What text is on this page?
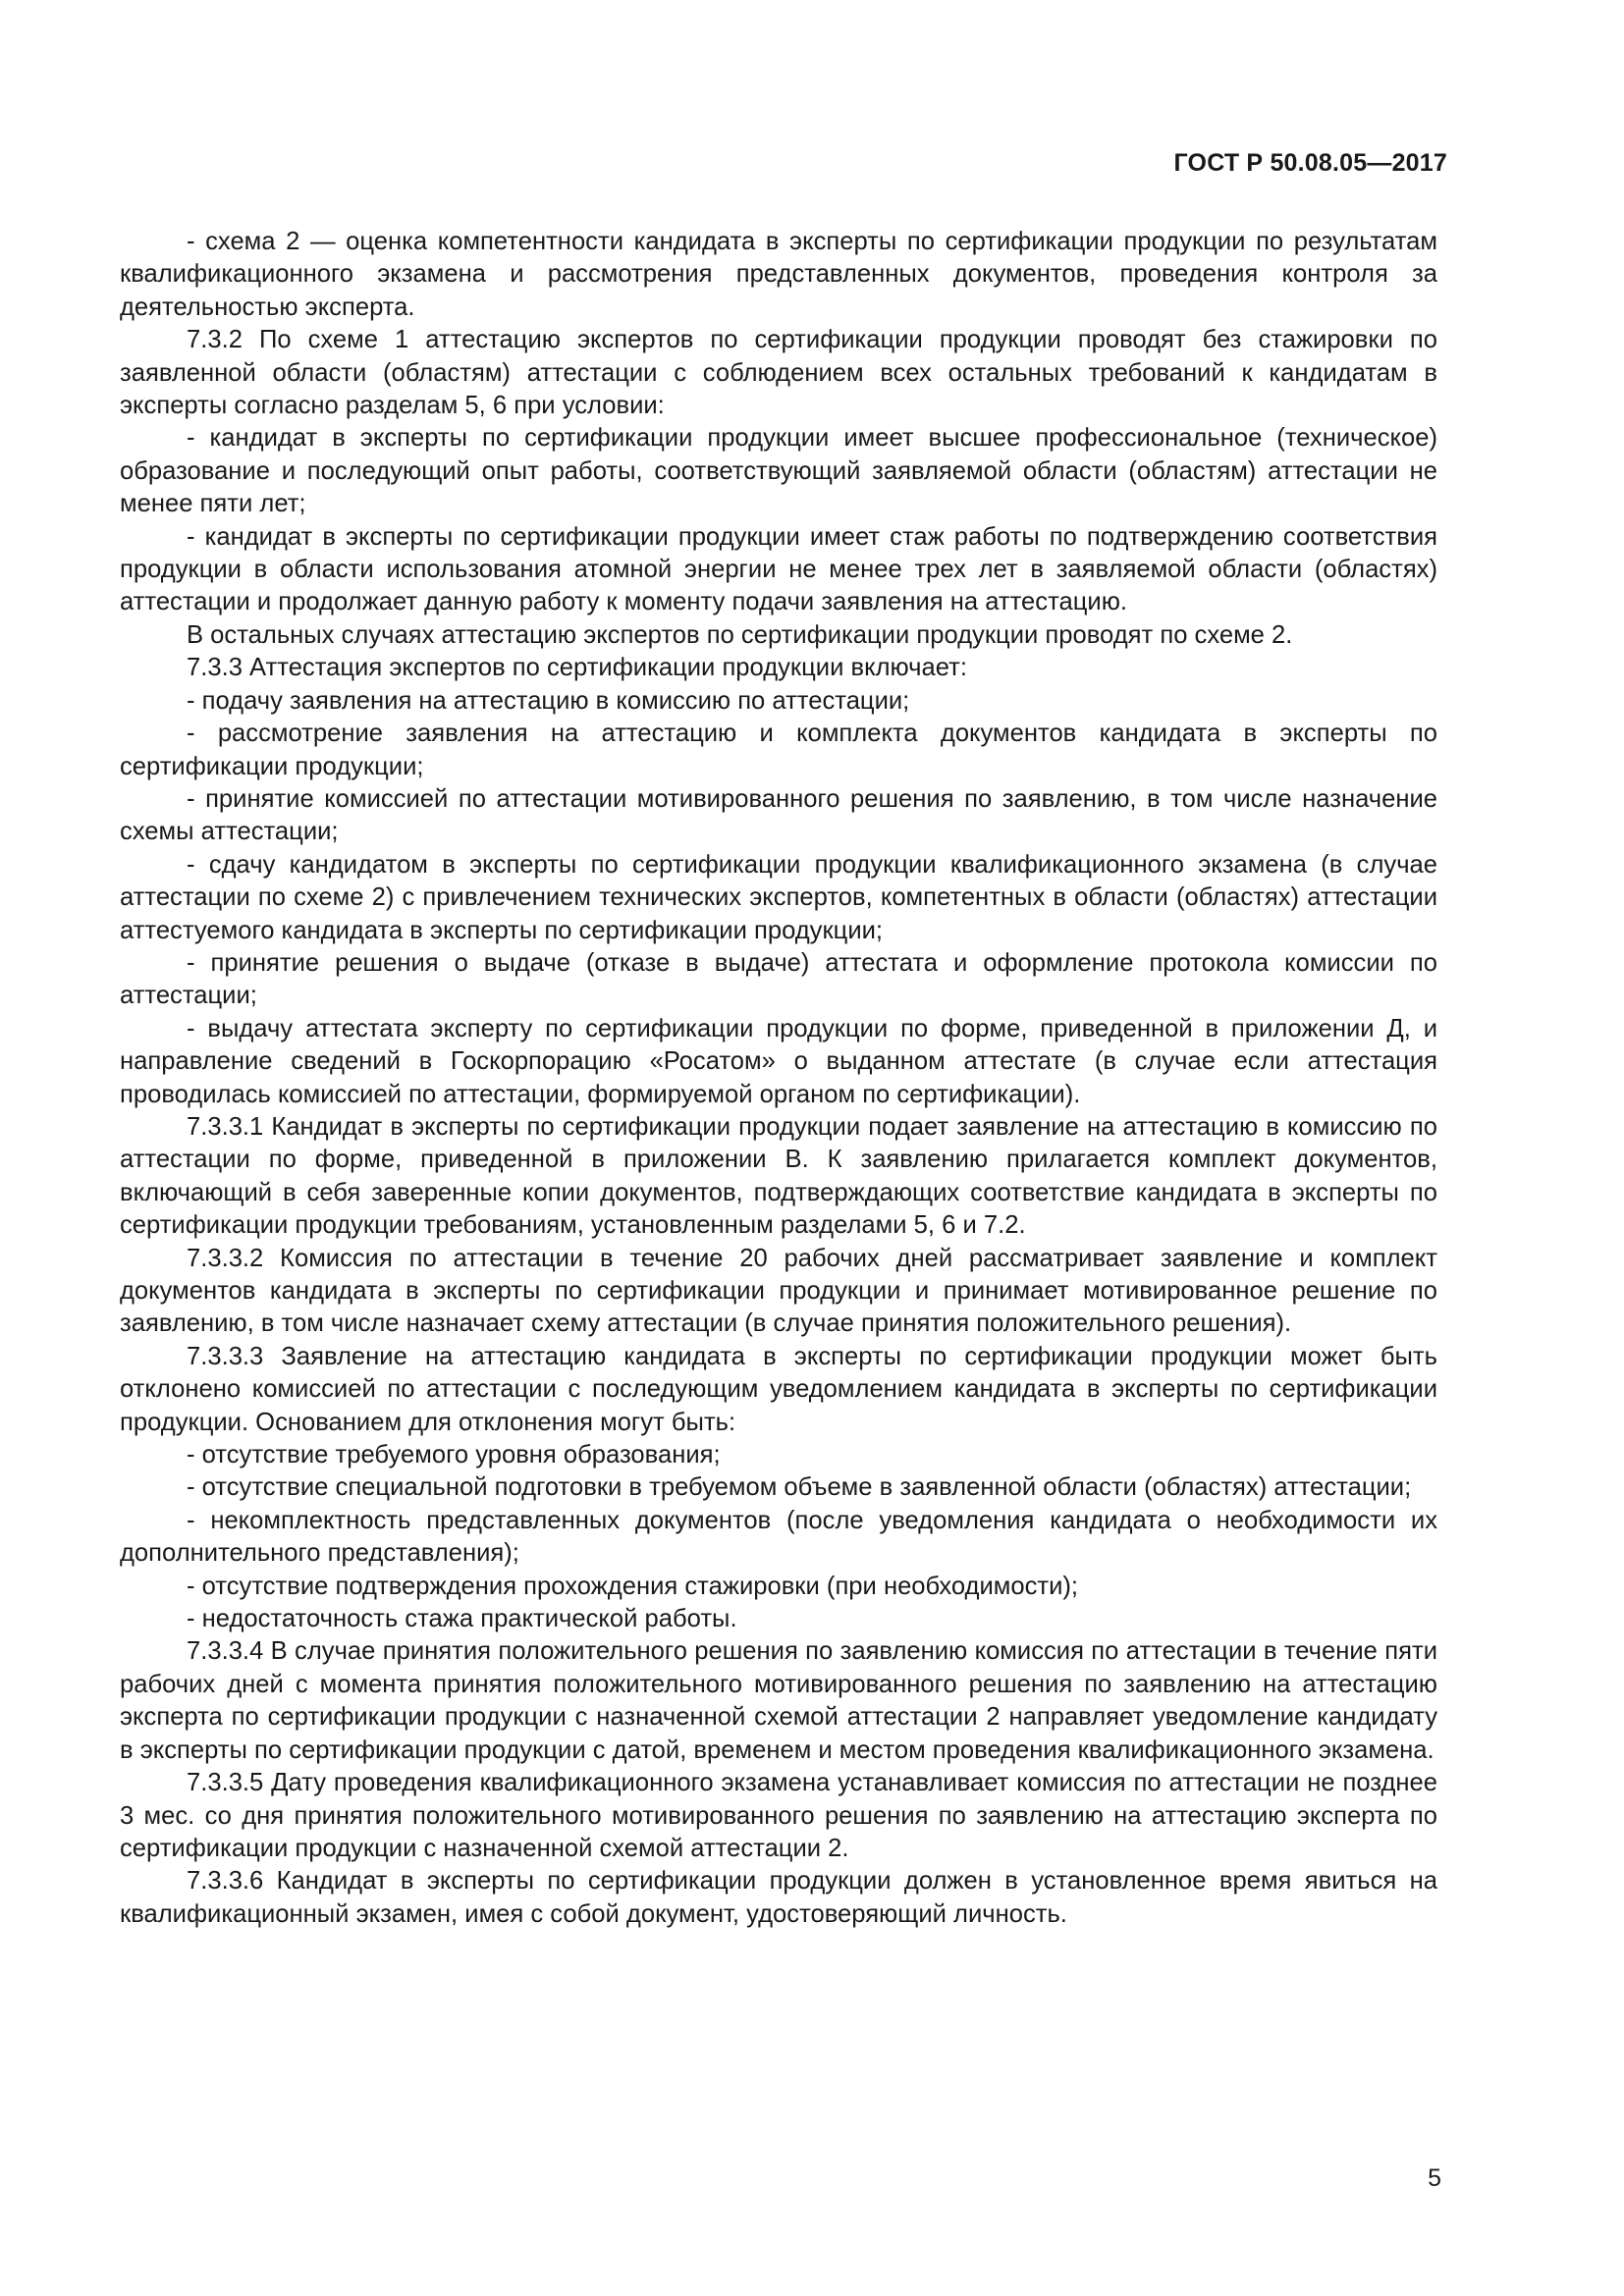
ГОСТ Р 50.08.05—2017

- схема 2 — оценка компетентности кандидата в эксперты по сертификации продукции по результатам квалификационного экзамена и рассмотрения представленных документов, проведения контроля за деятельностью эксперта.

7.3.2 По схеме 1 аттестацию экспертов по сертификации продукции проводят без стажировки по заявленной области (областям) аттестации с соблюдением всех остальных требований к кандидатам в эксперты согласно разделам 5, 6 при условии:

- кандидат в эксперты по сертификации продукции имеет высшее профессиональное (техническое) образование и последующий опыт работы, соответствующий заявляемой области (областям) аттестации не менее пяти лет;

- кандидат в эксперты по сертификации продукции имеет стаж работы по подтверждению соответствия продукции в области использования атомной энергии не менее трех лет в заявляемой области (областях) аттестации и продолжает данную работу к моменту подачи заявления на аттестацию.

В остальных случаях аттестацию экспертов по сертификации продукции проводят по схеме 2.

7.3.3 Аттестация экспертов по сертификации продукции включает:

- подачу заявления на аттестацию в комиссию по аттестации;

- рассмотрение заявления на аттестацию и комплекта документов кандидата в эксперты по сертификации продукции;

- принятие комиссией по аттестации мотивированного решения по заявлению, в том числе назначение схемы аттестации;

- сдачу кандидатом в эксперты по сертификации продукции квалификационного экзамена (в случае аттестации по схеме 2) с привлечением технических экспертов, компетентных в области (областях) аттестации аттестуемого кандидата в эксперты по сертификации продукции;

- принятие решения о выдаче (отказе в выдаче) аттестата и оформление протокола комиссии по аттестации;

- выдачу аттестата эксперту по сертификации продукции по форме, приведенной в приложении Д, и направление сведений в Госкорпорацию «Росатом» о выданном аттестате (в случае если аттестация проводилась комиссией по аттестации, формируемой органом по сертификации).

7.3.3.1 Кандидат в эксперты по сертификации продукции подает заявление на аттестацию в комиссию по аттестации по форме, приведенной в приложении В. К заявлению прилагается комплект документов, включающий в себя заверенные копии документов, подтверждающих соответствие кандидата в эксперты по сертификации продукции требованиям, установленным разделами 5, 6 и 7.2.

7.3.3.2 Комиссия по аттестации в течение 20 рабочих дней рассматривает заявление и комплект документов кандидата в эксперты по сертификации продукции и принимает мотивированное решение по заявлению, в том числе назначает схему аттестации (в случае принятия положительного решения).

7.3.3.3 Заявление на аттестацию кандидата в эксперты по сертификации продукции может быть отклонено комиссией по аттестации с последующим уведомлением кандидата в эксперты по сертификации продукции. Основанием для отклонения могут быть:

- отсутствие требуемого уровня образования;

- отсутствие специальной подготовки в требуемом объеме в заявленной области (областях) аттестации;

- некомплектность представленных документов (после уведомления кандидата о необходимости их дополнительного представления);

- отсутствие подтверждения прохождения стажировки (при необходимости);

- недостаточность стажа практической работы.

7.3.3.4 В случае принятия положительного решения по заявлению комиссия по аттестации в течение пяти рабочих дней с момента принятия положительного мотивированного решения по заявлению на аттестацию эксперта по сертификации продукции с назначенной схемой аттестации 2 направляет уведомление кандидату в эксперты по сертификации продукции с датой, временем и местом проведения квалификационного экзамена.

7.3.3.5 Дату проведения квалификационного экзамена устанавливает комиссия по аттестации не позднее 3 мес. со дня принятия положительного мотивированного решения по заявлению на аттестацию эксперта по сертификации продукции с назначенной схемой аттестации 2.

7.3.3.6 Кандидат в эксперты по сертификации продукции должен в установленное время явиться на квалификационный экзамен, имея с собой документ, удостоверяющий личность.

5
